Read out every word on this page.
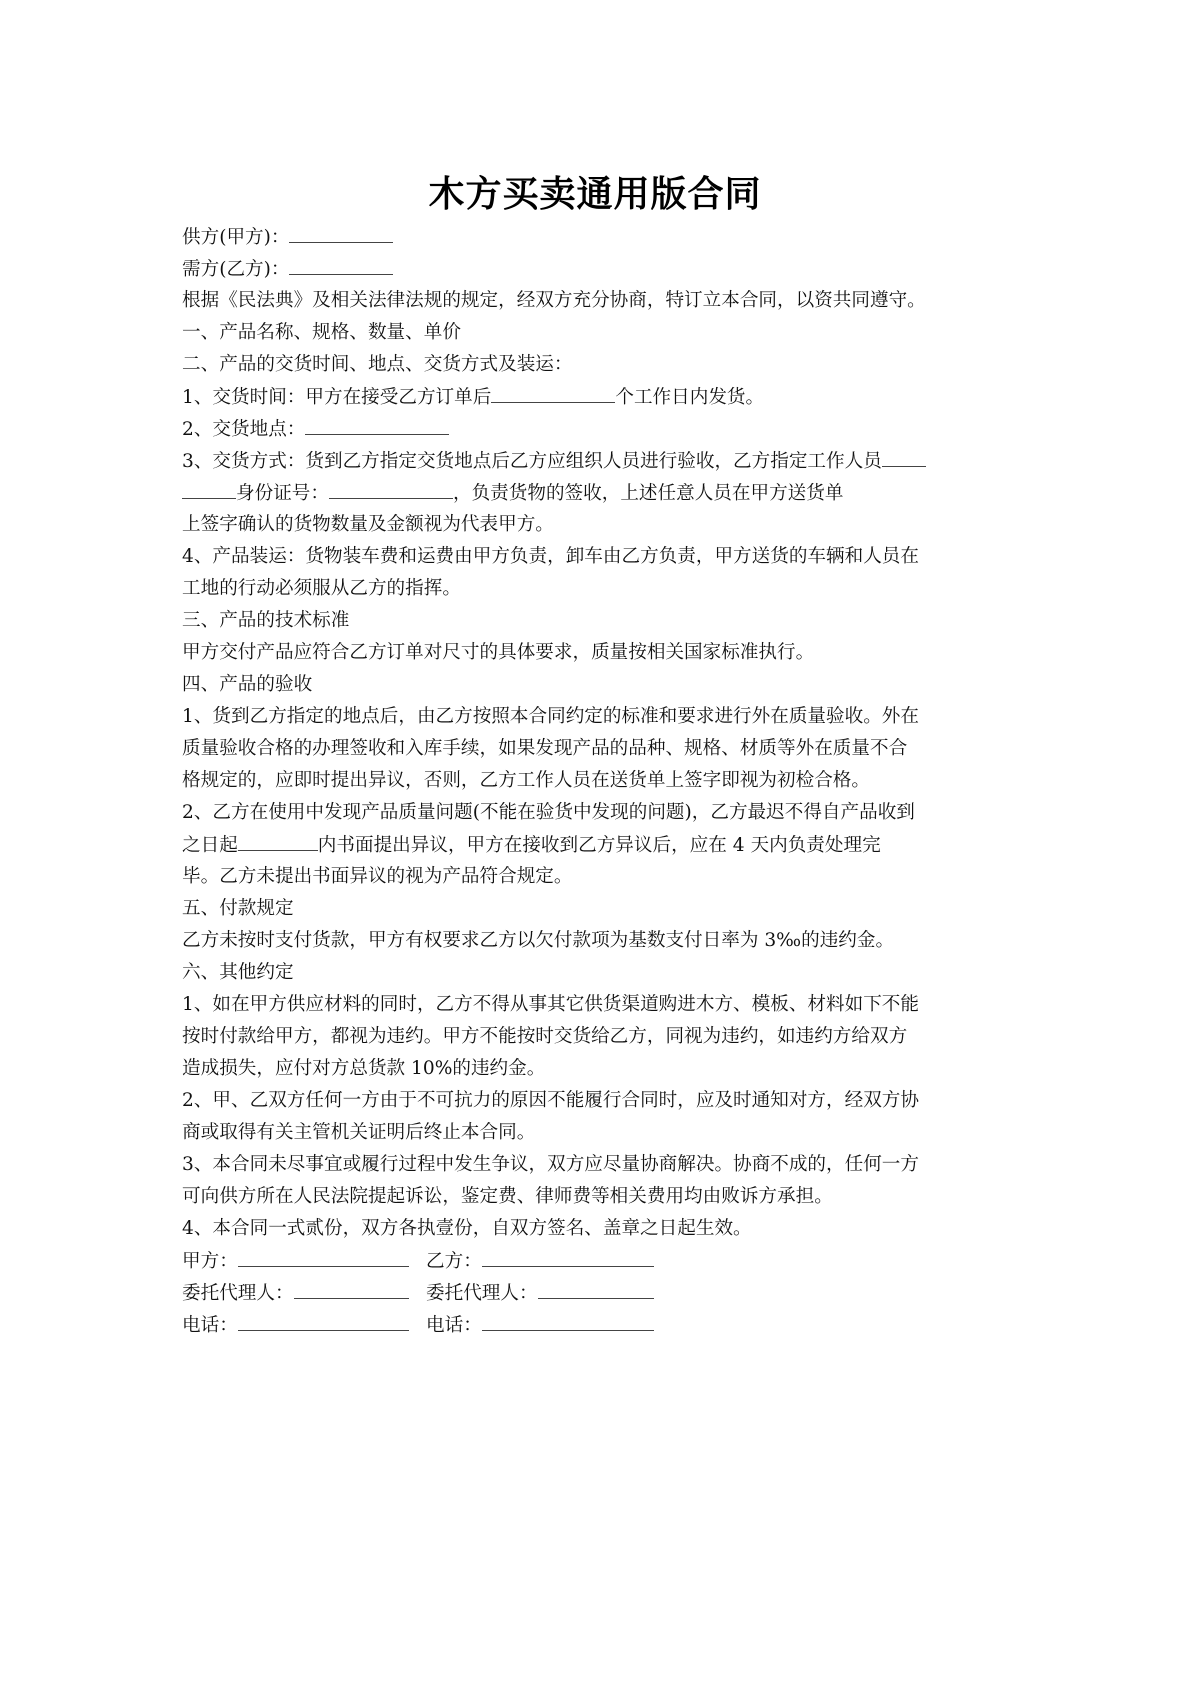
木方买卖通用版合同
供方(甲方)：
需方(乙方)：
根据《民法典》及相关法律法规的规定，经双方充分协商，特订立本合同，以资共同遵守。
一、产品名称、规格、数量、单价
二、产品的交货时间、地点、交货方式及装运：
1、交货时间：甲方在接受乙方订单后	个工作日内发货。
2、交货地点：
3、交货方式：货到乙方指定交货地点后乙方应组织人员进行验收，乙方指定工作人员
身份证号：	，负责货物的签收，上述任意人员在甲方送货单
上签字确认的货物数量及金额视为代表甲方。
4、产品装运：货物装车费和运费由甲方负责，卸车由乙方负责，甲方送货的车辆和人员在
工地的行动必须服从乙方的指挥。
三、产品的技术标准
甲方交付产品应符合乙方订单对尺寸的具体要求，质量按相关国家标准执行。
四、产品的验收
1、货到乙方指定的地点后，由乙方按照本合同约定的标准和要求进行外在质量验收。外在
质量验收合格的办理签收和入库手续，如果发现产品的品种、规格、材质等外在质量不合
格规定的，应即时提出异议，否则，乙方工作人员在送货单上签字即视为初检合格。
2、乙方在使用中发现产品质量问题(不能在验货中发现的问题)，乙方最迟不得自产品收到
之日起	内书面提出异议，甲方在接收到乙方异议后，应在 4 天内负责处理完
毕。乙方未提出书面异议的视为产品符合规定。
五、付款规定
乙方未按时支付货款，甲方有权要求乙方以欠付款项为基数支付日率为 3‰的违约金。
六、其他约定
1、如在甲方供应材料的同时，乙方不得从事其它供货渠道购进木方、模板、材料如下不能
按时付款给甲方，都视为违约。甲方不能按时交货给乙方，同视为违约，如违约方给双方
造成损失，应付对方总货款 10%的违约金。
2、甲、乙双方任何一方由于不可抗力的原因不能履行合同时，应及时通知对方，经双方协
商或取得有关主管机关证明后终止本合同。
3、本合同未尽事宜或履行过程中发生争议，双方应尽量协商解决。协商不成的，任何一方
可向供方所在人民法院提起诉讼，鉴定费、律师费等相关费用均由败诉方承担。
4、本合同一式贰份，双方各执壹份，自双方签名、盖章之日起生效。
甲方：	乙方：
委托代理人：	委托代理人：
电话：	电话：
